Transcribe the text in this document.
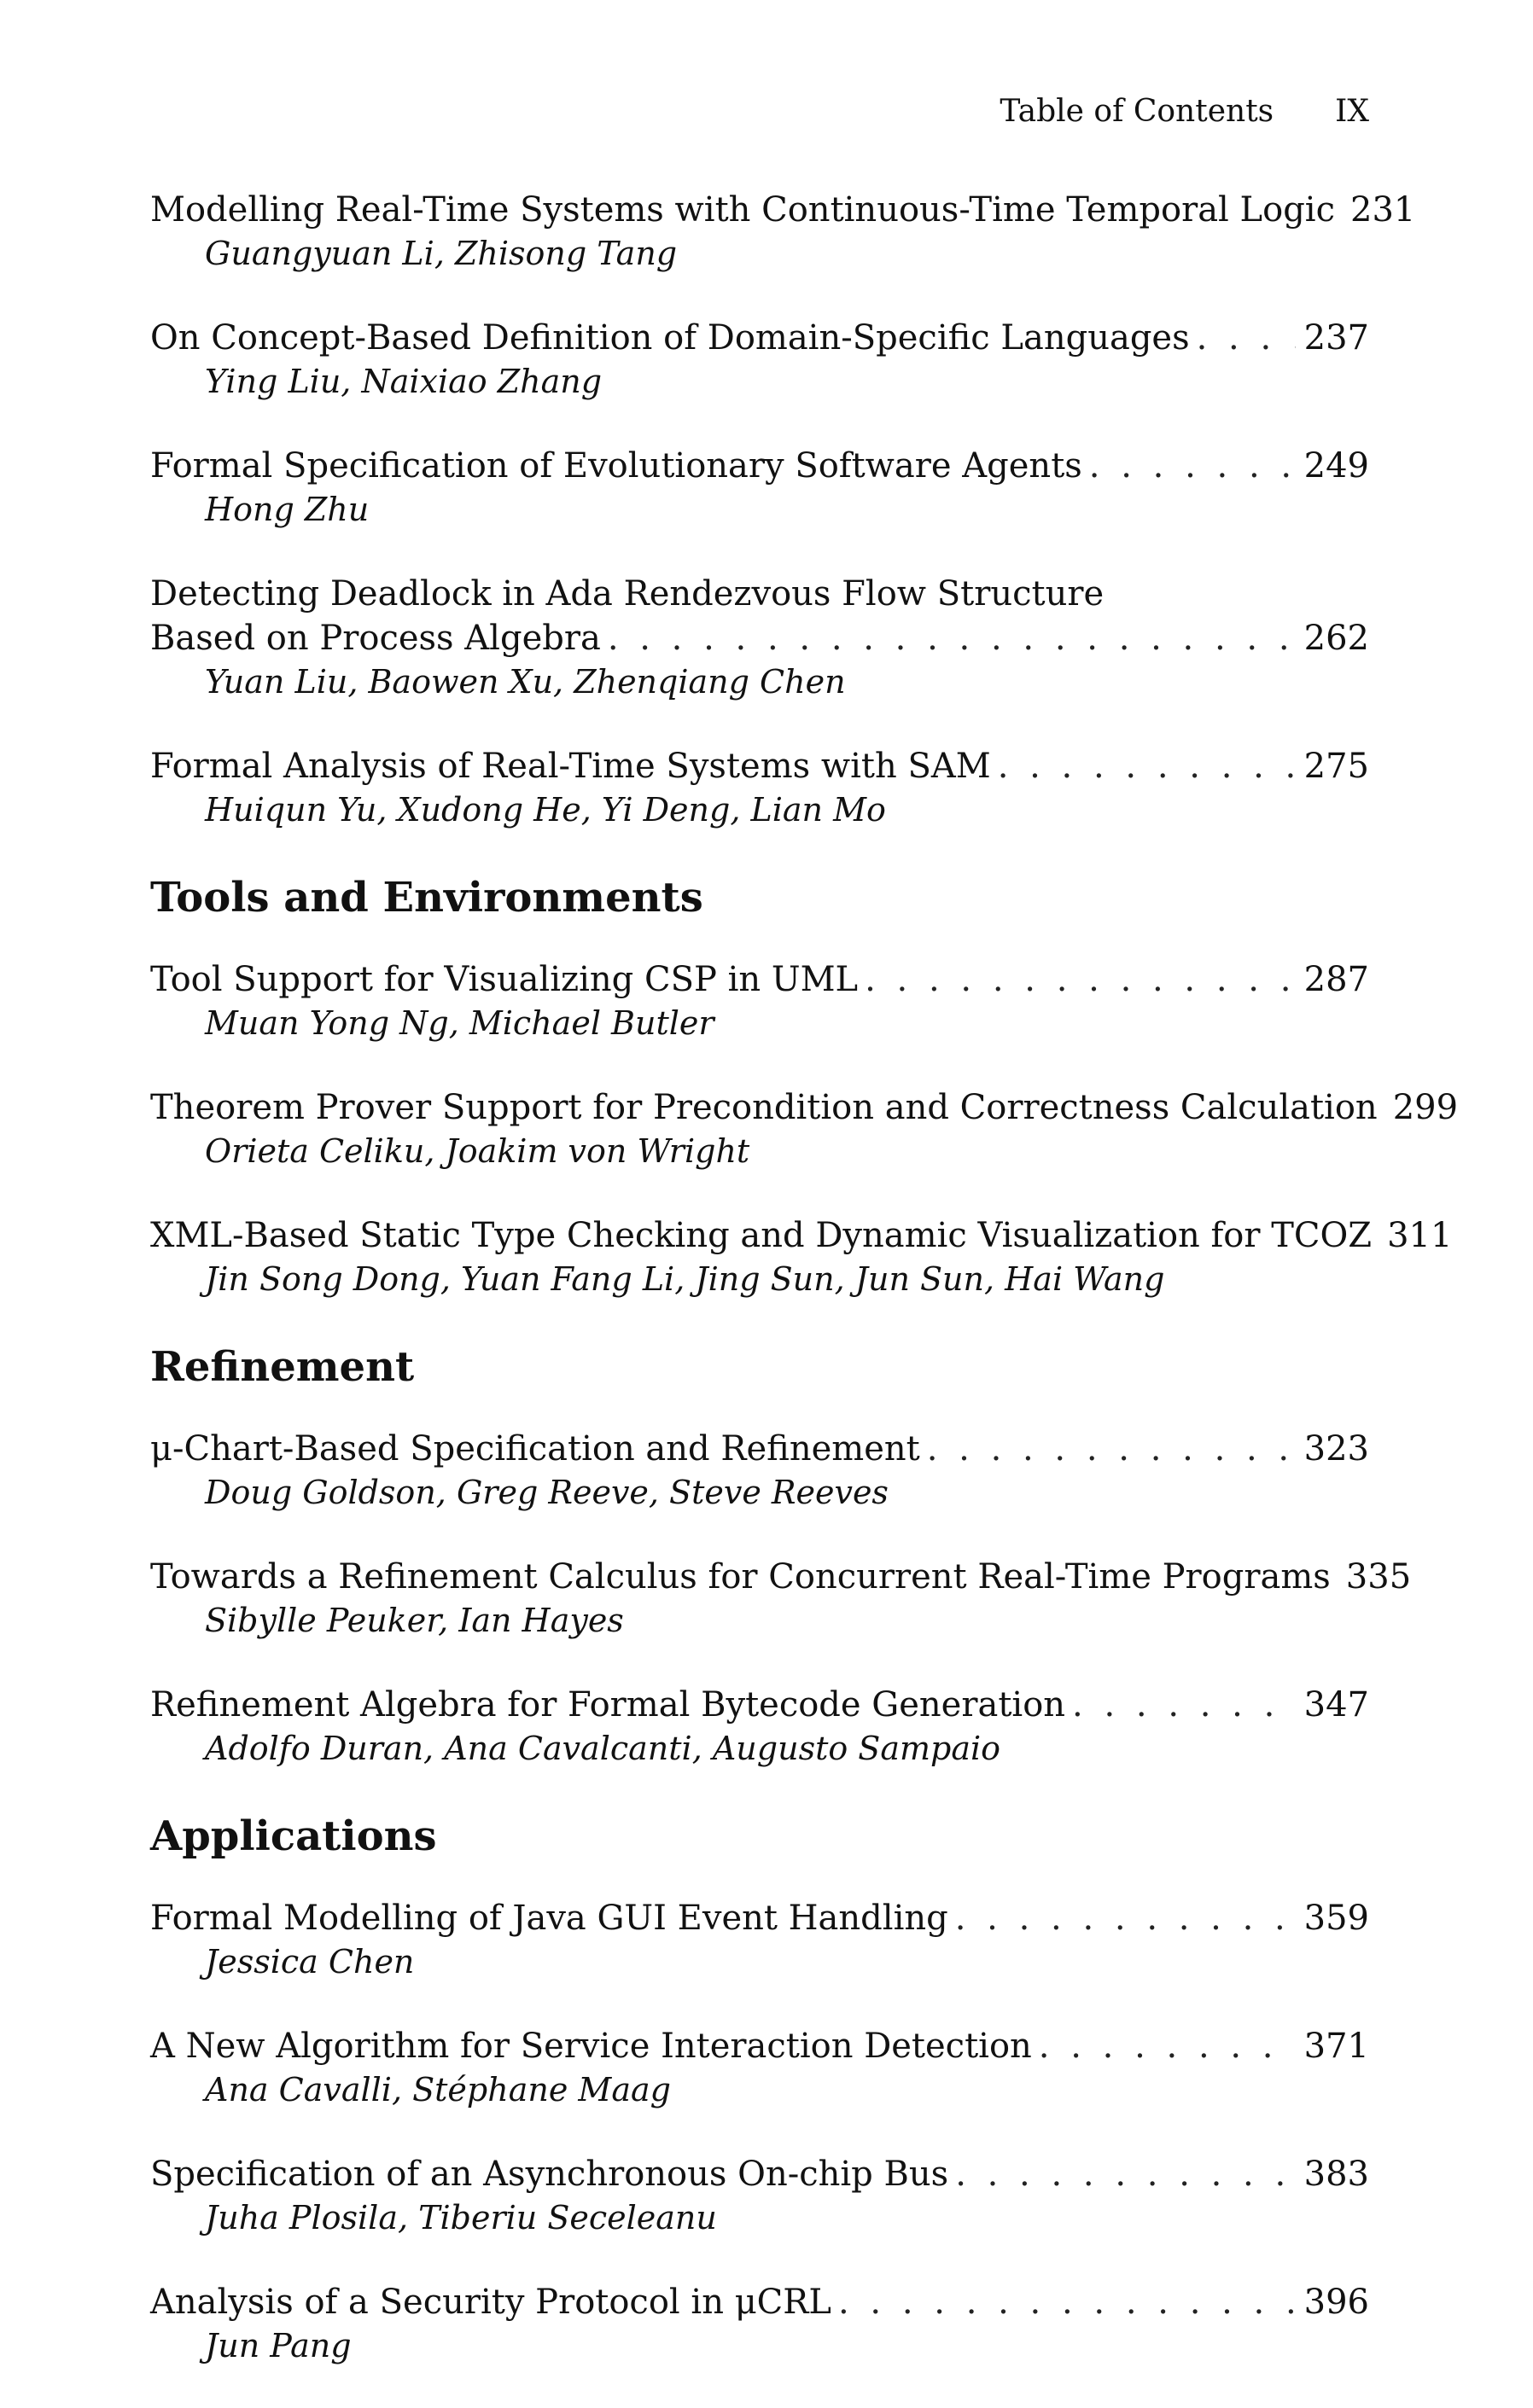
Table of Contents IX
Modelling Real-Time Systems with Continuous-Time Temporal Logic 231
Guangyuan Li, Zhisong Tang
On Concept-Based Definition of Domain-Specific Languages . . .	237
Ying Liu, Naixiao Zhang
Formal Specification of Evolutionary Software Agents . . .	249
Hong Zhu
Detecting Deadlock in Ada Rendezvous Flow Structure
Based on Process Algebra . . .	262
Yuan Liu, Baowen Xu, Zhenqiang Chen
Formal Analysis of Real-Time Systems with SAM . . .	275
Huiqun Yu, Xudong He, Yi Deng, Lian Mo
Tools and Environments
Tool Support for Visualizing CSP in UML . . .	287
Muan Yong Ng, Michael Butler
Theorem Prover Support for Precondition and Correctness Calculation 299
Orieta Celiku, Joakim von Wright
XML-Based Static Type Checking and Dynamic Visualization for TCOZ 311
Jin Song Dong, Yuan Fang Li, Jing Sun, Jun Sun, Hai Wang
Refinement
μ-Chart-Based Specification and Refinement . . .	323
Doug Goldson, Greg Reeve, Steve Reeves
Towards a Refinement Calculus for Concurrent Real-Time Programs 335
Sibylle Peuker, Ian Hayes
Refinement Algebra for Formal Bytecode Generation . . .	347
Adolfo Duran, Ana Cavalcanti, Augusto Sampaio
Applications
Formal Modelling of Java GUI Event Handling . . .	359
Jessica Chen
A New Algorithm for Service Interaction Detection . . .	371
Ana Cavalli, Stéphane Maag
Specification of an Asynchronous On-chip Bus . . .	383
Juha Plosila, Tiberiu Seceleanu
Analysis of a Security Protocol in μCRL . . .	396
Jun Pang
